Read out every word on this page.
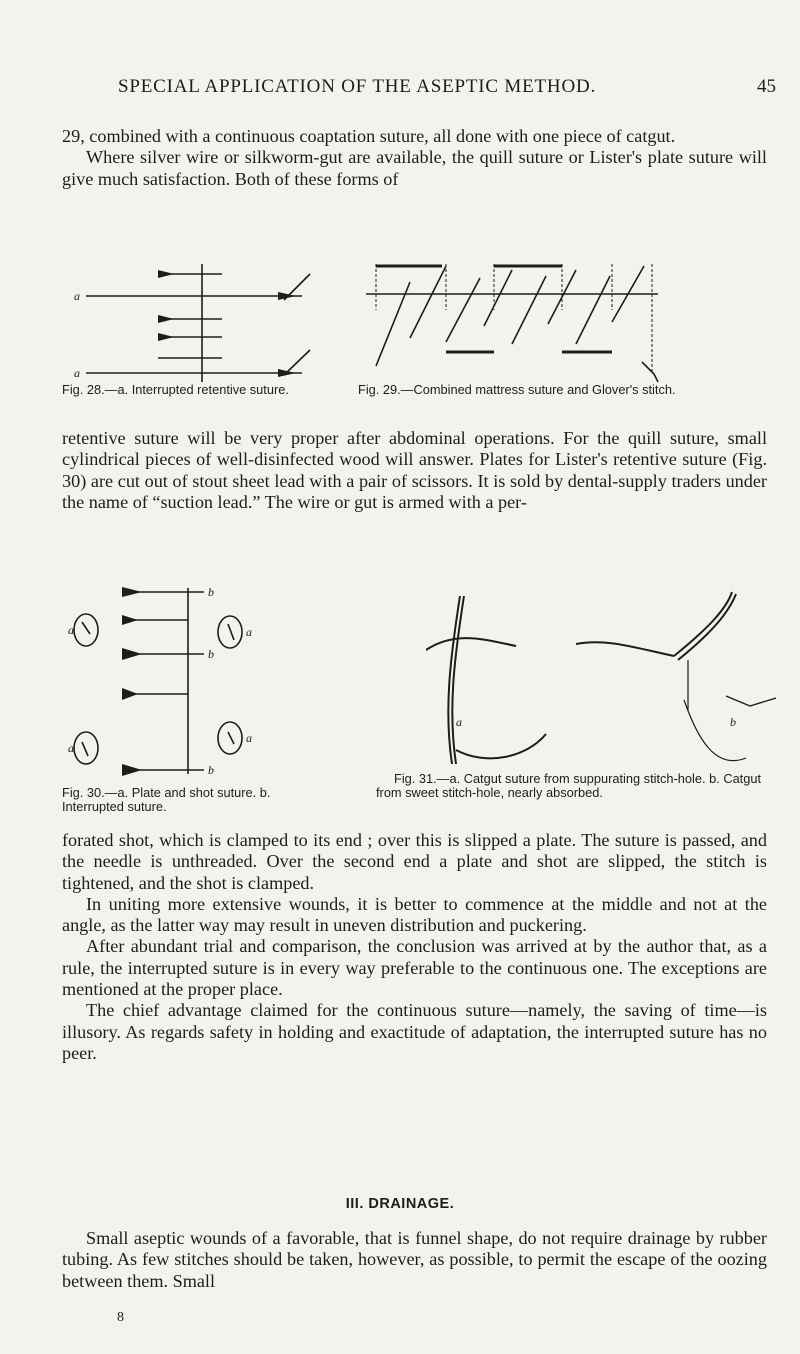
SPECIAL APPLICATION OF THE ASEPTIC METHOD.	45

29, combined with a continuous coaptation suture, all done with one piece of catgut.

Where silver wire or silkworm-gut are available, the quill suture or Lister's plate suture will give much satisfaction. Both of these forms of

a
a
Fig. 28.—a. Interrupted retentive suture.	Fig. 29.—Combined mattress suture and Glover's stitch.

retentive suture will be very proper after abdominal operations. For the quill suture, small cylindrical pieces of well-disinfected wood will answer. Plates for Lister's retentive suture (Fig. 30) are cut out of stout sheet lead with a pair of scissors. It is sold by dental-supply traders under the name of “suction lead.” The wire or gut is armed with a per-

a
a
a
a
b
b
b
Fig. 30.—a. Plate and shot suture. b. Interrupted suture.
a	b
Fig. 31.—a. Catgut suture from suppurating stitch-hole. b. Catgut from sweet stitch-hole, nearly absorbed.

forated shot, which is clamped to its end ; over this is slipped a plate. The suture is passed, and the needle is unthreaded. Over the second end a plate and shot are slipped, the stitch is tightened, and the shot is clamped.

In uniting more extensive wounds, it is better to commence at the middle and not at the angle, as the latter way may result in uneven distribution and puckering.

After abundant trial and comparison, the conclusion was arrived at by the author that, as a rule, the interrupted suture is in every way preferable to the continuous one. The exceptions are mentioned at the proper place.

The chief advantage claimed for the continuous suture—namely, the saving of time—is illusory. As regards safety in holding and exactitude of adaptation, the interrupted suture has no peer.

III. DRAINAGE.

Small aseptic wounds of a favorable, that is funnel shape, do not require drainage by rubber tubing. As few stitches should be taken, however, as possible, to permit the escape of the oozing between them. Small

8
